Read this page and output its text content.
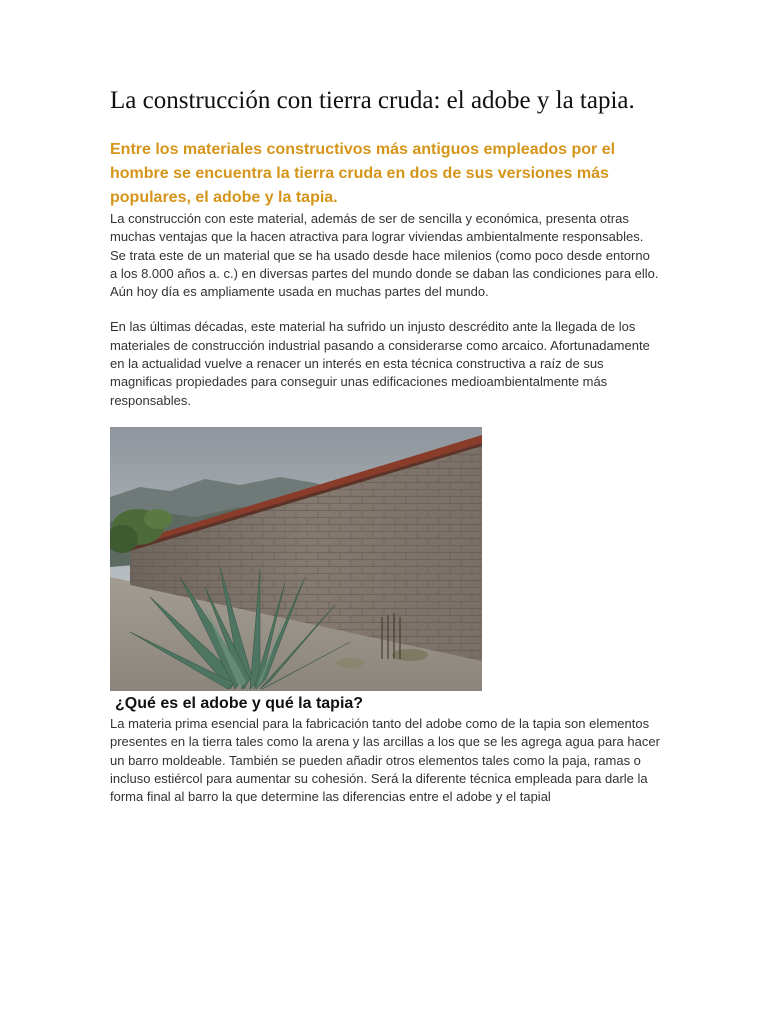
La construcción con tierra cruda: el adobe y la tapia.

Entre los materiales constructivos más antiguos empleados por el hombre se encuentra la tierra cruda en dos de sus versiones más populares, el adobe y la tapia.

La construcción con este material, además de ser de sencilla y económica, presenta otras muchas ventajas que la hacen atractiva para lograr viviendas ambientalmente responsables. Se trata este de un material que se ha usado desde hace milenios (como poco desde entorno a los 8.000 años a. c.) en diversas partes del mundo donde se daban las condiciones para ello. Aún hoy día es ampliamente usada en muchas partes del mundo.

En las últimas décadas, este material ha sufrido un injusto descrédito ante la llegada de los materiales de construcción industrial pasando a considerarse como arcaico. Afortunadamente en la actualidad vuelve a renacer un interés en esta técnica constructiva a raíz de sus magnificas propiedades para conseguir unas edificaciones medioambientalmente más responsables.

¿Qué es el adobe y qué la tapia?

La materia prima esencial para la fabricación tanto del adobe como de la tapia son elementos presentes en la tierra tales como la arena y las arcillas a los que se les agrega agua para hacer un barro moldeable. También se pueden añadir otros elementos tales como la paja, ramas o incluso estiércol para aumentar su cohesión. Será la diferente técnica empleada para darle la forma final al barro la que determine las diferencias entre el adobe y el tapial
